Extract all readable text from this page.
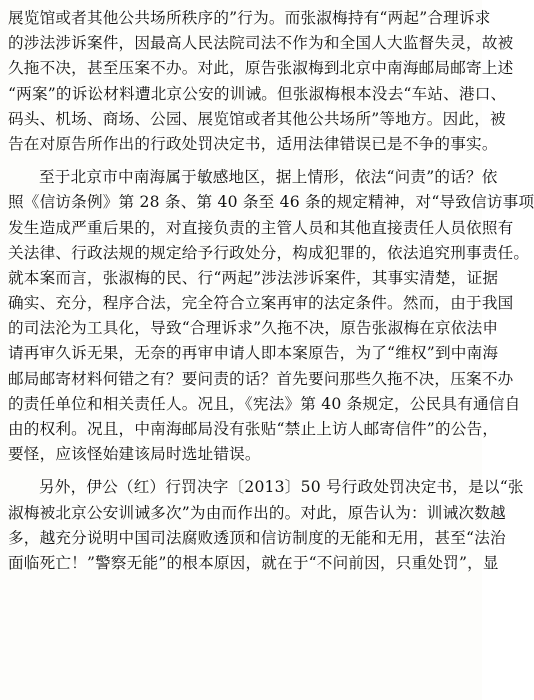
展览馆或者其他公共场所秩序的”行为。而张淑梅持有“两起”合理诉求
的涉法涉诉案件，因最高人民法院司法不作为和全国人大监督失灵，故被
久拖不决，甚至压案不办。对此，原告张淑梅到北京中南海邮局邮寄上述
“两案”的诉讼材料遭北京公安的训诫。但张淑梅根本没去“车站、港口、
码头、机场、商场、公园、展览馆或者其他公共场所”等地方。因此，被
告在对原告所作出的行政处罚决定书，适用法律错误已是不争的事实。
至于北京市中南海属于敏感地区，据上情形，依法“问责”的话？依
照《信访条例》第 28 条、第 40 条至 46 条的规定精神，对“导致信访事项
发生造成严重后果的，对直接负责的主管人员和其他直接责任人员依照有
关法律、行政法规的规定给予行政处分，构成犯罪的，依法追究刑事责任。
就本案而言，张淑梅的民、行“两起”涉法涉诉案件，其事实清楚，证据
确实、充分，程序合法，完全符合立案再审的法定条件。然而，由于我国
的司法沦为工具化，导致“合理诉求”久拖不决，原告张淑梅在京依法申
请再审久诉无果，无奈的再审申请人即本案原告，为了“维权”到中南海
邮局邮寄材料何错之有？要问责的话？首先要问那些久拖不决，压案不办
的责任单位和相关责任人。况且，《宪法》第 40 条规定，公民具有通信自
由的权利。况且，中南海邮局没有张贴“禁止上访人邮寄信件”的公告，
要怪，应该怪始建该局时选址错误。
另外，伊公（红）行罚决字〔2013〕50 号行政处罚决定书，是以“张
淑梅被北京公安训诫多次”为由而作出的。对此，原告认为：训诫次数越
多，越充分说明中国司法腐败透顶和信访制度的无能和无用，甚至“法治
面临死亡！”警察无能”的根本原因，就在于“不问前因，只重处罚”，显
